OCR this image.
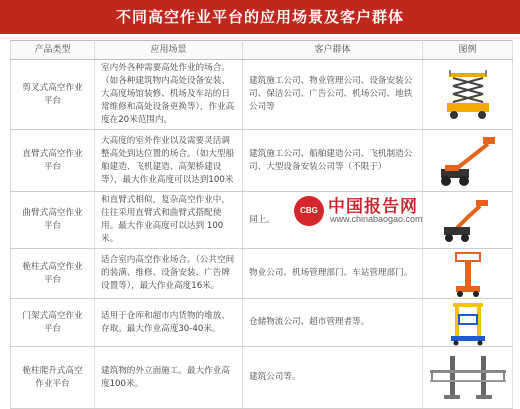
不同高空作业平台的应用场景及客户群体
产品类型	应用场景	客户群体	图例
剪叉式高空作业平台	室内外各种需要高处作业的场合。（如各种建筑物内高处设备安装、大高度场馆装修、机场及车站的日常维修和高处设备更换等），作业高度在20米范围内。	建筑施工公司、物业管理公司、设备安装公司、保洁公司、广告公司、机场公司、地铁公司等	

直臂式高空作业平台	大高度的室外作业以及需要灵活调整高处到达位置的场合。（如大型船舶建造、飞机建造、高架桥建设等），最大作业高度可以达到100米	建筑施工公司、船舶建造公司、飞机制造公司、大型设备安装公司等（不限于）	

曲臂式高空作业平台	和直臂式相似，复杂高空作业中，往往采用直臂式和曲臂式搭配使用。最大作业高度可以达到 100米。	同上。	

桅柱式高空作业平台	适合室内高空作业场合。（公共空间的装潢、维修、设备安装、广告牌设置等），最大作业高度16米。	物业公司、机场管理部门、车站管理部门。	

门架式高空作业平台	适用于仓库和超市内货物的堆放、存取。最大作业高度30-40米。	仓储物流公司、超市管理者等。	

桅柱爬升式高空作业平台	建筑物的外立面施工。最大作业高度100米。	建筑公司等。	
CBG 中国报告网
www.chinabaogao.com
